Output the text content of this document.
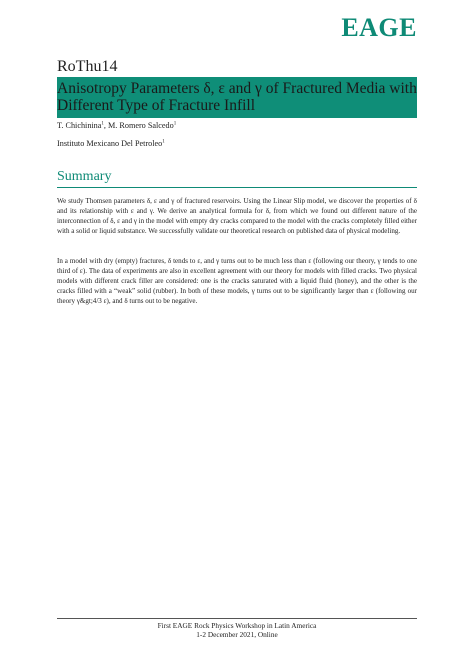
EAGE
RoThu14
Anisotropy Parameters δ, ε and γ of Fractured Media with Different Type of Fracture Infill
T. Chichinina$^1$, M. Romero Salcedo$^1$
Instituto Mexicano Del Petroleo$^1$
Summary

We study Thomsen parameters δ, ε and γ of fractured reservoirs. Using the Linear Slip model, we discover the properties of δ and its relationship with ε and γ. We derive an analytical formula for δ, from which we found out different nature of the interconnection of δ, ε and γ in the model with empty dry cracks compared to the model with the cracks completely filled either with a solid or liquid substance. We successfully validate our theoretical research on published data of physical modeling.

In a model with dry (empty) fractures, δ tends to ε, and γ turns out to be much less than ε (following our theory, γ tends to one third of ε). The data of experiments are also in excellent agreement with our theory for models with filled cracks. Two physical models with different crack filler are considered: one is the cracks saturated with a liquid fluid (honey), and the other is the cracks filled with a “weak” solid (rubber). In both of these models, γ turns out to be significantly larger than ε (following our theory γ&gt;4/3 ε), and δ turns out to be negative.

First EAGE Rock Physics Workshop in Latin America
1-2 December 2021, Online
